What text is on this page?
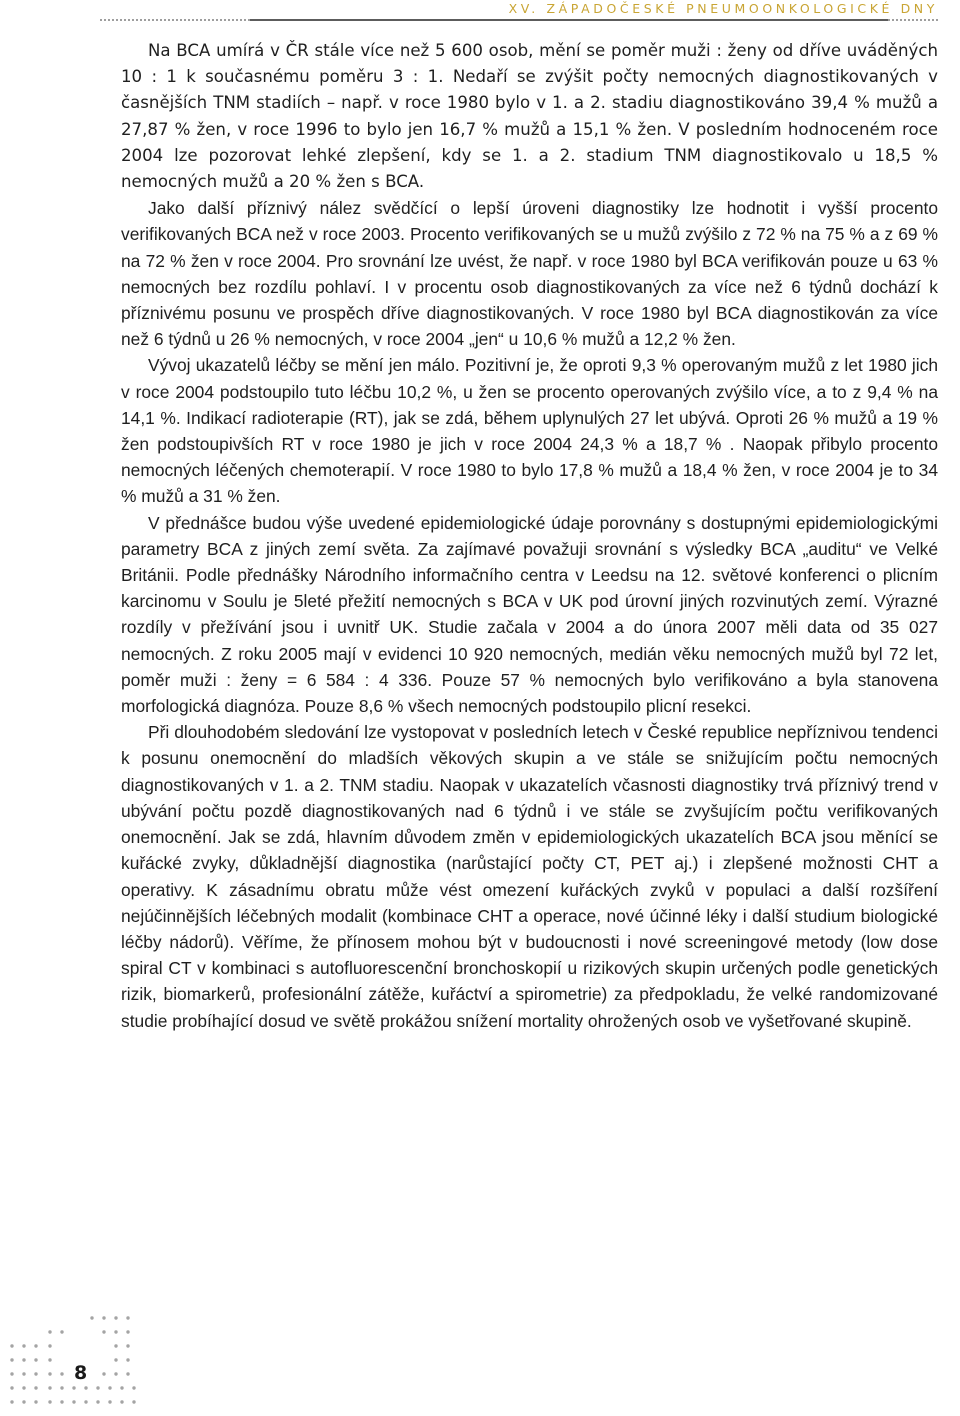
XV. ZÁPADOČESKÉ PNEUMOONKOLOGICKÉ DNY

Na BCA umírá v ČR stále více než 5 600 osob, mění se poměr muži : ženy od dříve uváděných 10 : 1 k současnému poměru 3 : 1. Nedaří se zvýšit počty nemocných diagnostikovaných v časnějších TNM stadiích – např. v roce 1980 bylo v 1. a 2. stadiu diagnostikováno 39,4 % mužů a 27,87 % žen, v roce 1996 to bylo jen 16,7 % mužů a 15,1 % žen. V posledním hodnoceném roce 2004 lze pozorovat lehké zlepšení, kdy se 1. a 2. stadium TNM diagnostikovalo u 18,5 % nemocných mužů a 20 % žen s BCA.

Jako další příznivý nález svědčící o lepší úroveni diagnostiky lze hodnotit i vyšší procento verifikovaných BCA než v roce 2003. Procento verifikovaných se u mužů zvýšilo z 72 % na 75 % a z 69 % na 72 % žen v roce 2004. Pro srovnání lze uvést, že např. v roce 1980 byl BCA verifikován pouze u 63 % nemocných bez rozdílu pohlaví. I v procentu osob diagnostikovaných za více než 6 týdnů dochází k příznivému posunu ve prospěch dříve diagnostikovaných. V roce 1980 byl BCA diagnostikován za více než 6 týdnů u 26 % nemocných, v roce 2004 „jen“ u 10,6 % mužů a 12,2 % žen.

Vývoj ukazatelů léčby se mění jen málo. Pozitivní je, že oproti 9,3 % operovaným mužů z let 1980 jich v roce 2004 podstoupilo tuto léčbu 10,2 %, u žen se procento operovaných zvýšilo více, a to z 9,4 % na 14,1 %. Indikací radioterapie (RT), jak se zdá, během uplynulých 27 let ubývá. Oproti 26 % mužů a 19 % žen podstoupivších RT v roce 1980 je jich v roce 2004 24,3 % a 18,7 % . Naopak přibylo procento nemocných léčených chemoterapií. V roce 1980 to bylo 17,8 % mužů a 18,4 % žen, v roce 2004 je to 34 % mužů a 31 % žen.

V přednášce budou výše uvedené epidemiologické údaje porovnány s dostupnými epidemiologickými parametry BCA z jiných zemí světa. Za zajímavé považuji srovnání s výsledky BCA „auditu“ ve Velké Británii. Podle přednášky Národního informačního centra v Leedsu na 12. světové konferenci o plicním karcinomu v Soulu je 5leté přežití nemocných s BCA v UK pod úrovní jiných rozvinutých zemí. Výrazné rozdíly v přežívání jsou i uvnitř UK. Studie začala v 2004 a do února 2007 měli data od 35 027 nemocných. Z roku 2005 mají v evidenci 10 920 nemocných, medián věku nemocných mužů byl 72 let, poměr muži : ženy = 6 584 : 4 336. Pouze 57 % nemocných bylo verifikováno a byla stanovena morfologická diagnóza. Pouze 8,6 % všech nemocných podstoupilo plicní resekci.

Při dlouhodobém sledování lze vystopovat v posledních letech v České republice nepříznivou tendenci k posunu onemocnění do mladších věkových skupin a ve stále se snižujícím počtu nemocných diagnostikovaných v 1. a 2. TNM stadiu. Naopak v ukazatelích včasnosti diagnostiky trvá příznivý trend v ubývání počtu pozdě diagnostikovaných nad 6 týdnů i ve stále se zvyšujícím počtu verifikovaných onemocnění. Jak se zdá, hlavním důvodem změn v epidemiologických ukazatelích BCA jsou měnící se kuřácké zvyky, důkladnější diagnostika (narůstající počty CT, PET aj.) i zlepšené možnosti CHT a operativy. K zásadnímu obratu může vést omezení kuřáckých zvyků v populaci a další rozšíření nejúčinnějších léčebných modalit (kombinace CHT a operace, nové účinné léky i další studium biologické léčby nádorů). Věříme, že přínosem mohou být v budoucnosti i nové screeningové metody (low dose spiral CT v kombinaci s autofluorescenční bronchoskopií u rizikových skupin určených podle genetických rizik, biomarkerů, profesionální zátěže, kuřáctví a spirometrie) za předpokladu, že velké randomizované studie probíhající dosud ve světě prokážou snížení mortality ohrožených osob ve vyšetřované skupině.

8
